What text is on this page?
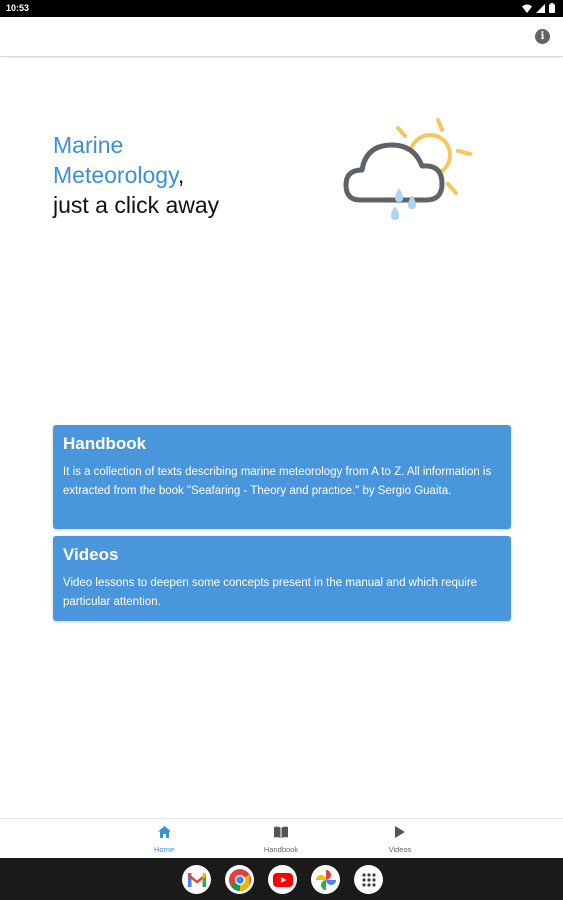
10:53
i
Marine
Meteorology,
just a click away
Handbook
It is a collection of texts describing marine meteorology from A to Z. All information is extracted from the book "Seafaring - Theory and practice." by Sergio Guaita.
Videos
Video lessons to deepen some concepts present in the manual and which require particular attention.
Home	Handbook	Videos
